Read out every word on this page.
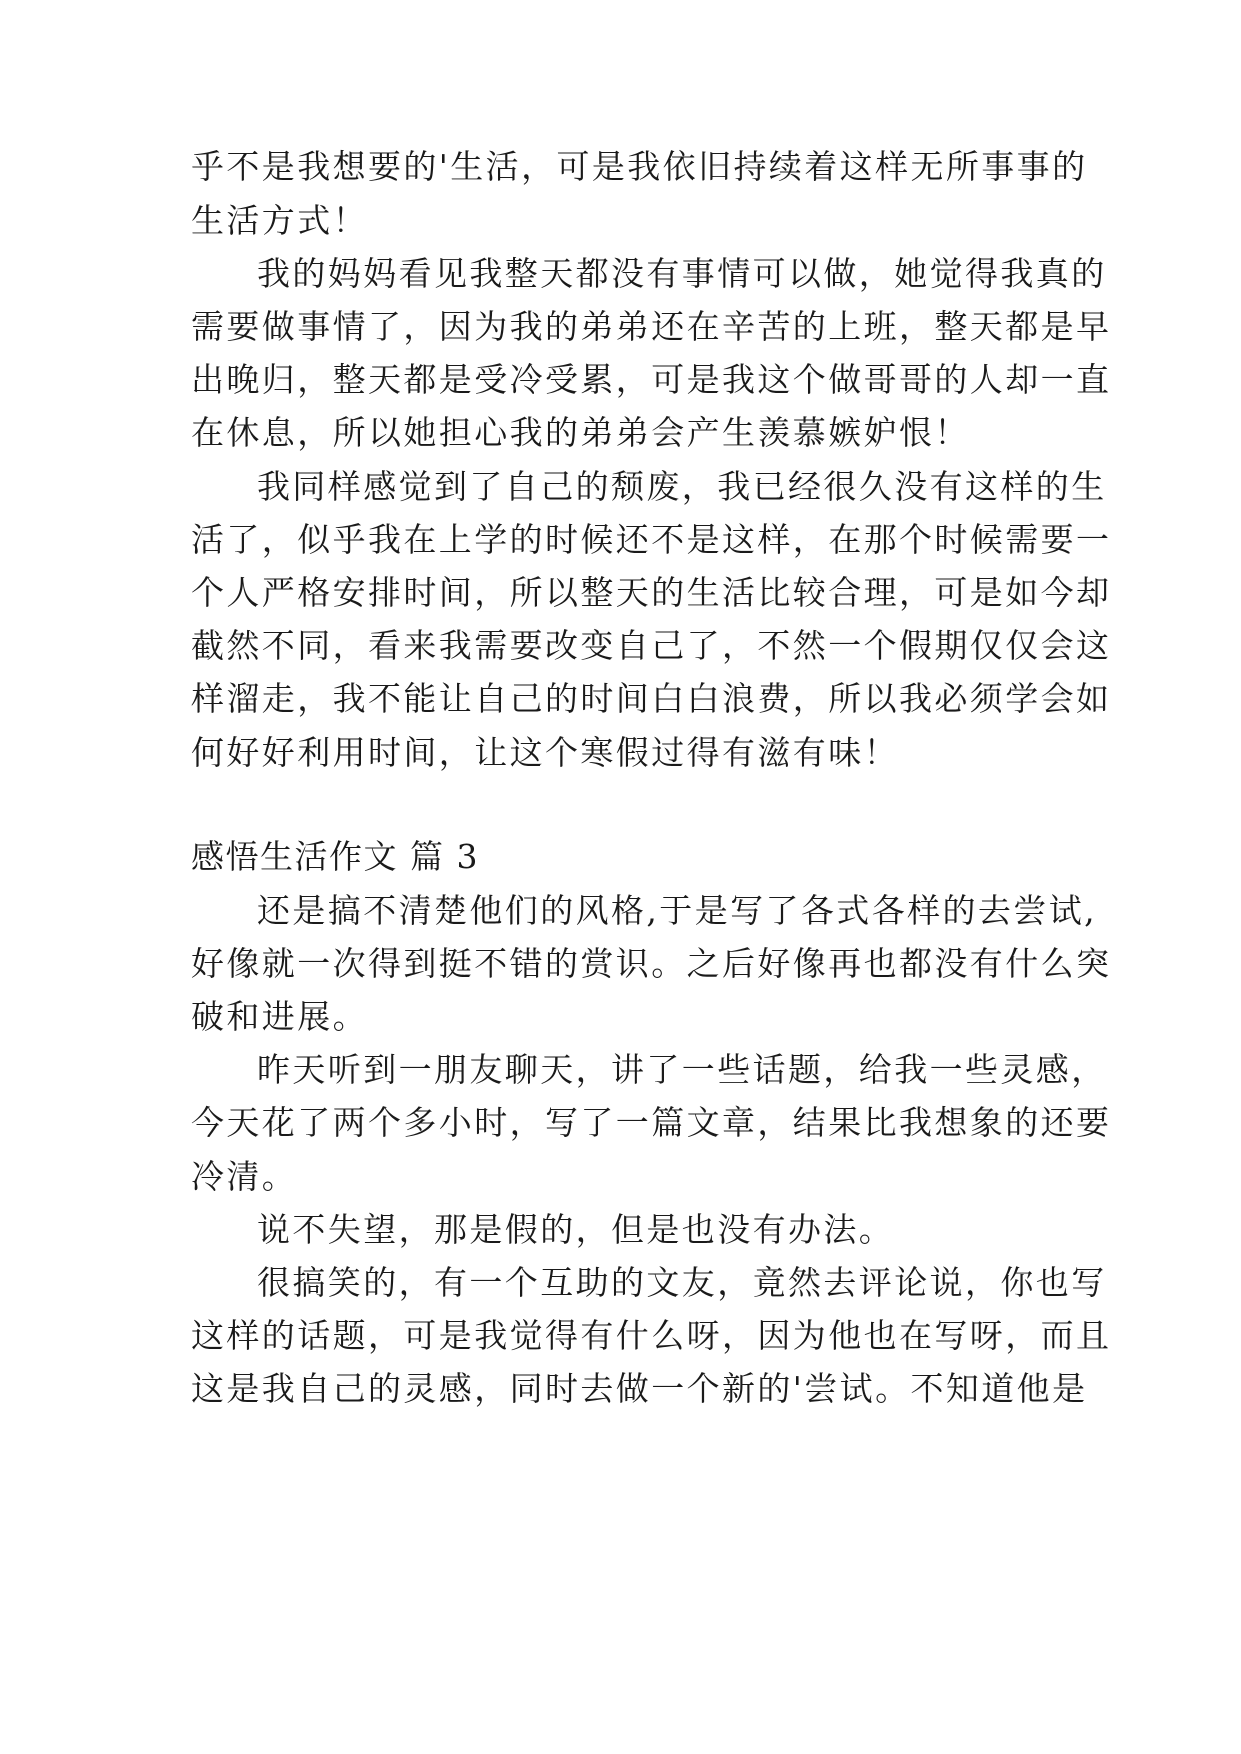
乎不是我想要的'生活，可是我依旧持续着这样无所事事的
生活方式！
我的妈妈看见我整天都没有事情可以做，她觉得我真的
需要做事情了，因为我的弟弟还在辛苦的上班，整天都是早
出晚归，整天都是受冷受累，可是我这个做哥哥的人却一直
在休息，所以她担心我的弟弟会产生羡慕嫉妒恨！
我同样感觉到了自己的颓废，我已经很久没有这样的生
活了，似乎我在上学的时候还不是这样，在那个时候需要一
个人严格安排时间，所以整天的生活比较合理，可是如今却
截然不同，看来我需要改变自己了，不然一个假期仅仅会这
样溜走，我不能让自己的时间白白浪费，所以我必须学会如
何好好利用时间，让这个寒假过得有滋有味！
感悟生活作文 篇 3
还是搞不清楚他们的风格,于是写了各式各样的去尝试,
好像就一次得到挺不错的赏识。之后好像再也都没有什么突
破和进展。
昨天听到一朋友聊天，讲了一些话题，给我一些灵感，
今天花了两个多小时，写了一篇文章，结果比我想象的还要
冷清。
说不失望，那是假的，但是也没有办法。
很搞笑的，有一个互助的文友，竟然去评论说，你也写
这样的话题，可是我觉得有什么呀，因为他也在写呀，而且
这是我自己的灵感，同时去做一个新的'尝试。不知道他是
